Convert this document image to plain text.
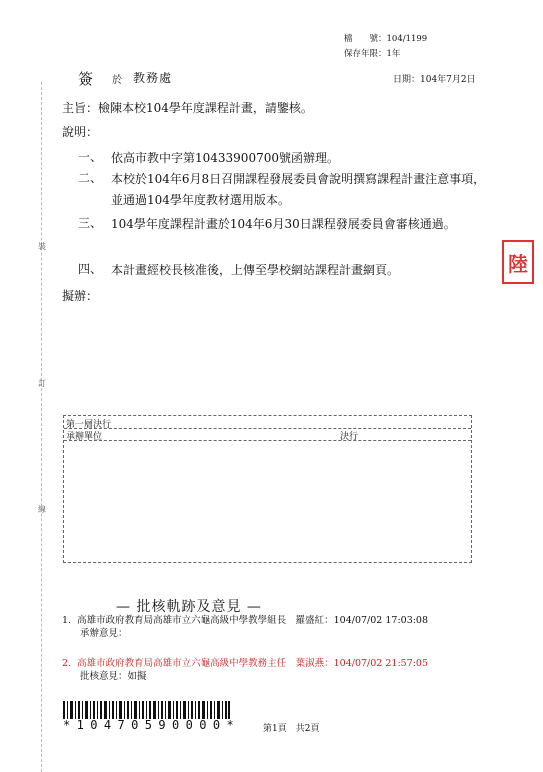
檔　　號：104/1199
保存年限：1年
裝
訂
線
簽 於 教務處	日期：104年7月2日
主旨：檢陳本校104學年度課程計畫，請鑒核。
說明：
一、 依高市教中字第10433900700號函辦理。
二、 本校於104年6月8日召開課程發展委員會說明撰寫課程計畫注意事項，並通過104學年度教材選用版本。
三、 104學年度課程計畫於104年6月30日課程發展委員會審核通過。
四、 本計畫經校長核准後，上傳至學校網站課程計畫網頁。
擬辦：
陸
第一層決行
承辦單位	決行
— 批核軌跡及意見 —
1. 高雄市政府教育局高雄市立六龜高級中學教學組長　羅盛紅：104/07/02 17:03:08
承辦意見：
2. 高雄市政府教育局高雄市立六龜高級中學教務主任　葉淑燕：104/07/02 21:57:05
批核意見：如擬
*10470590000*	第1頁　共2頁
